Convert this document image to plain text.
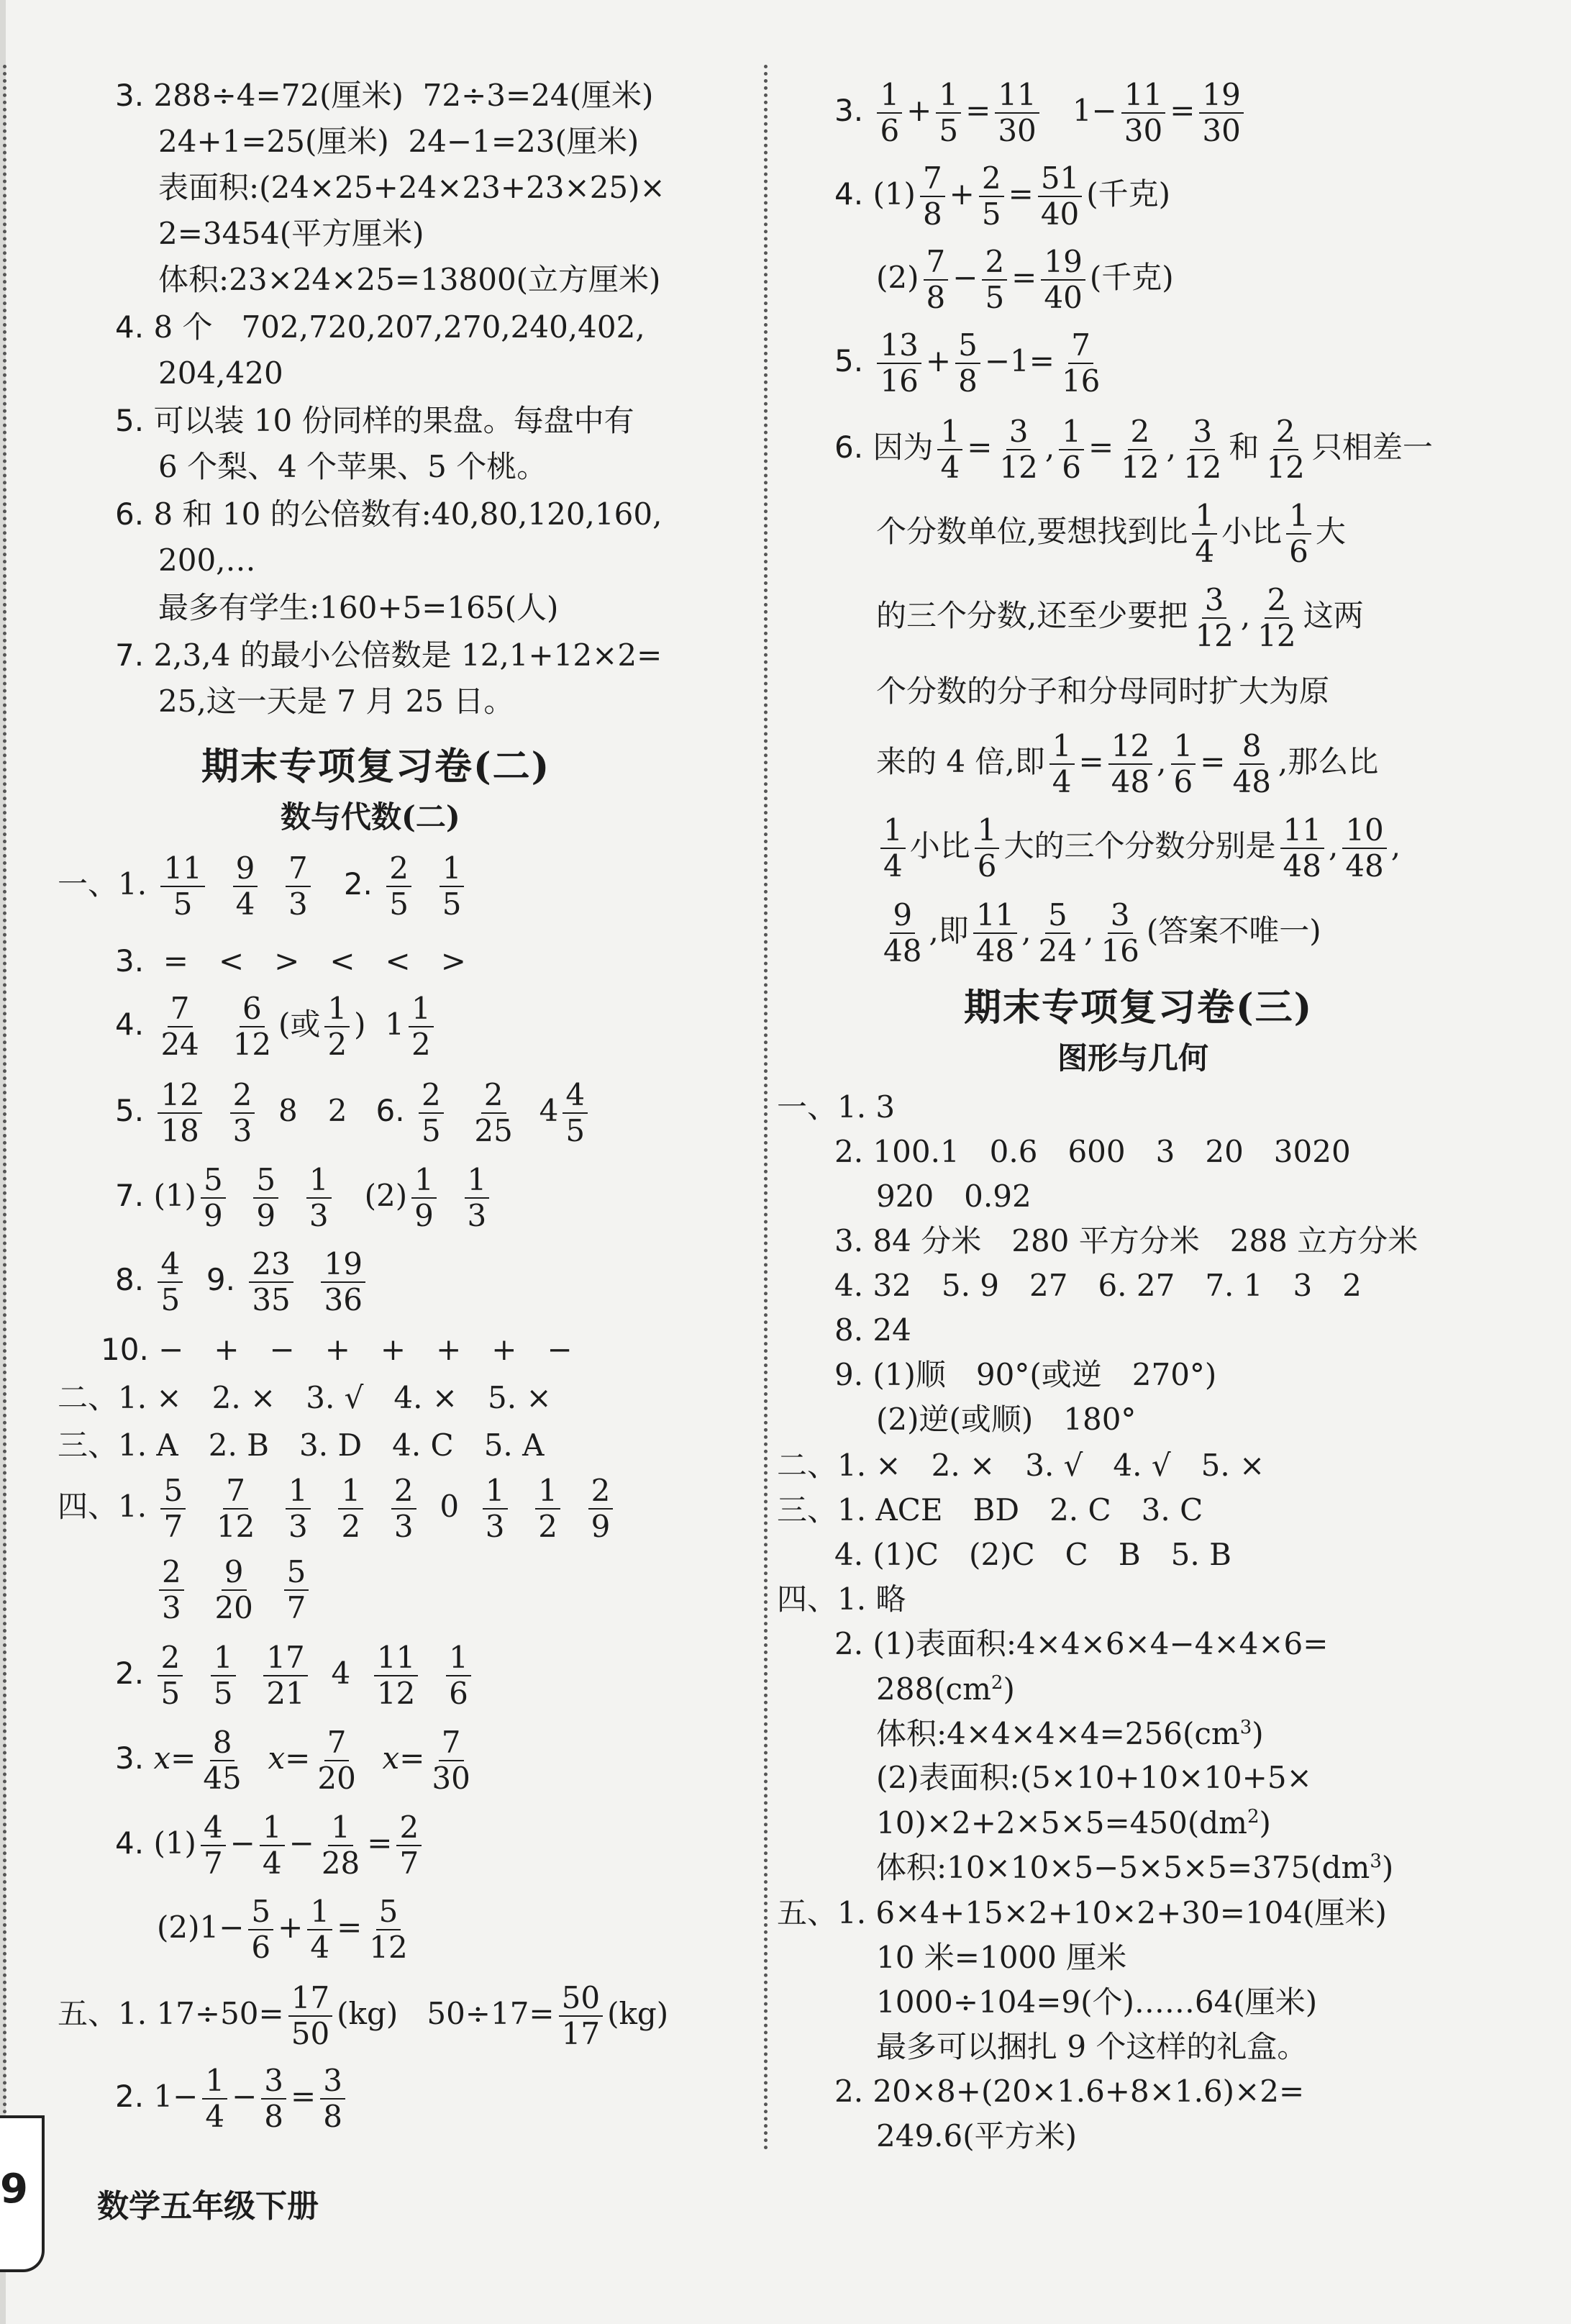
3. 288÷4=72(厘米) 72÷3=24(厘米)
24+1=25(厘米) 24−1=23(厘米)
表面积:(24×25+24×23+23×25)×
2=3454(平方厘米)
体积:23×24×25=13800(立方厘米)
4. 8 个 702,720,207,270,240,402,
204,420
5. 可以装 10 份同样的果盘。每盘中有
6 个梨、4 个苹果、5 个桃。
6. 8 和 10 的公倍数有:40,80,120,160,
200,…
最多有学生:160+5=165(人)
7. 2,3,4 的最小公倍数是 12,1+12×2=
25,这一天是 7 月 25 日。
期末专项复习卷(二)
数与代数(二)
一、1. $\frac{11}{5}$
$\frac{9}{4}$
$\frac{7}{3} 2$. $\frac{2}{5}$
$\frac{1}{5}$
3. =　<　>　<　<　>
4. $\frac{7}{24}$
$\frac{6}{12}$ (或 $\frac{1}{2}$ ) $1 \frac{1}{2}$
5. $\frac{12}{18}$
$\frac{2}{3} 8$　2 6. $\frac{2}{5}$
$\frac{2}{25} 4 \frac{4}{5}$
7. $(1) \frac{5}{9}$
$\frac{5}{9}$
$\frac{1}{3} (2) \frac{1}{9}$
$\frac{1}{3}$
8. $\frac{4}{5} 9$. $\frac{23}{35}$
$\frac{19}{36}$
10. −　+　−　+　+　+　+　−
二、1. ×　2. ×　3. √　4. ×　5. ×
三、1. A　2. B　3. D　4. C　5. A
四、1. $\frac{5}{7}$
$\frac{7}{12}$
$\frac{1}{3}$
$\frac{1}{2}$
$\frac{2}{3} 0 \frac{1}{3}$
$\frac{1}{2}$
$\frac{2}{9}$
$\frac{2}{3}$
$\frac{9}{20}$
$\frac{5}{7}$
2. $\frac{2}{5}$
$\frac{1}{5}$
$\frac{17}{21} 4 \frac{11}{12}$
$\frac{1}{6}$
3. $x= \frac{8}{45} x= \frac{7}{20} x= \frac{7}{30}$
4. $(1) \frac{4}{7} - \frac{1}{4} - \frac{1}{28} = \frac{2}{7}$
$(2)1- \frac{5}{6} + \frac{1}{4} = \frac{5}{12}$
五、1. $17\div 50= \frac{17}{50} (kg)$ $50\div 17= \frac{50}{17} (kg)$
2. $1- \frac{1}{4} - \frac{3}{8} = \frac{3}{8}$
3. $\frac{1}{6} + \frac{1}{5} = \frac{11}{30} 1- \frac{11}{30} = \frac{19}{30}$
4. $(1) \frac{7}{8} + \frac{2}{5} = \frac{51}{40}$ (千克)
$(2) \frac{7}{8} - \frac{2}{5} = \frac{19}{40}$ (千克)
5. $\frac{13}{16} + \frac{5}{8} -1= \frac{7}{16}$
6. 因为 $\frac{1}{4} = \frac{3}{12}$ , $\frac{1}{6} = \frac{2}{12}$ , $\frac{3}{12}$ 和 $\frac{2}{12}$ 只相差一
个分数单位,要想找到比 $\frac{1}{4}$ 小比 $\frac{1}{6}$ 大
的三个分数,还至少要把 $\frac{3}{12}$ , $\frac{2}{12}$ 这两
个分数的分子和分母同时扩大为原
来的 4 倍,即 $\frac{1}{4} = \frac{12}{48}$ , $\frac{1}{6} = \frac{8}{48}$ ,那么比
$\frac{1}{4}$ 小比 $\frac{1}{6}$ 大的三个分数分别是 $\frac{11}{48}$ , $\frac{10}{48}$ ,
$\frac{9}{48}$ ,即 $\frac{11}{48}$ , $\frac{5}{24}$ , $\frac{3}{16}$ (答案不唯一)
期末专项复习卷(三)
图形与几何
一、1. 3
2. 100.1　0.6　600　3　20　3020
920　0.92
3. 84 分米　280 平方分米　288 立方分米
4. 32　5. 9　27　6. 27　7. 1　3　2
8. 24
9. (1)顺　90°(或逆　270°)
(2)逆(或顺)　180°
二、1. ×　2. ×　3. √　4. √　5. ×
三、1. ACE　BD　2. C　3. C
4. (1)C　(2)C　C　B　5. B
四、1. 略
2. (1)表面积:4×4×6×4−4×4×6=
$288(cm^2)$
体积$:4\times 4\times 4\times 4=256(cm^3)$
(2)表面积:(5×10+10×10+5×
$10)\times 2+2\times 5\times 5=450(dm^2)$
体积$:10\times 10\times 5-5\times 5\times 5=375(dm^3)$
五、1. 6×4+15×2+10×2+30=104(厘米)
10 米=1000 厘米
1000÷104=9(个)……64(厘米)
最多可以捆扎 9 个这样的礼盒。
2. 20×8+(20×1.6+8×1.6)×2=
249.6(平方米)
9 数学五年级下册
